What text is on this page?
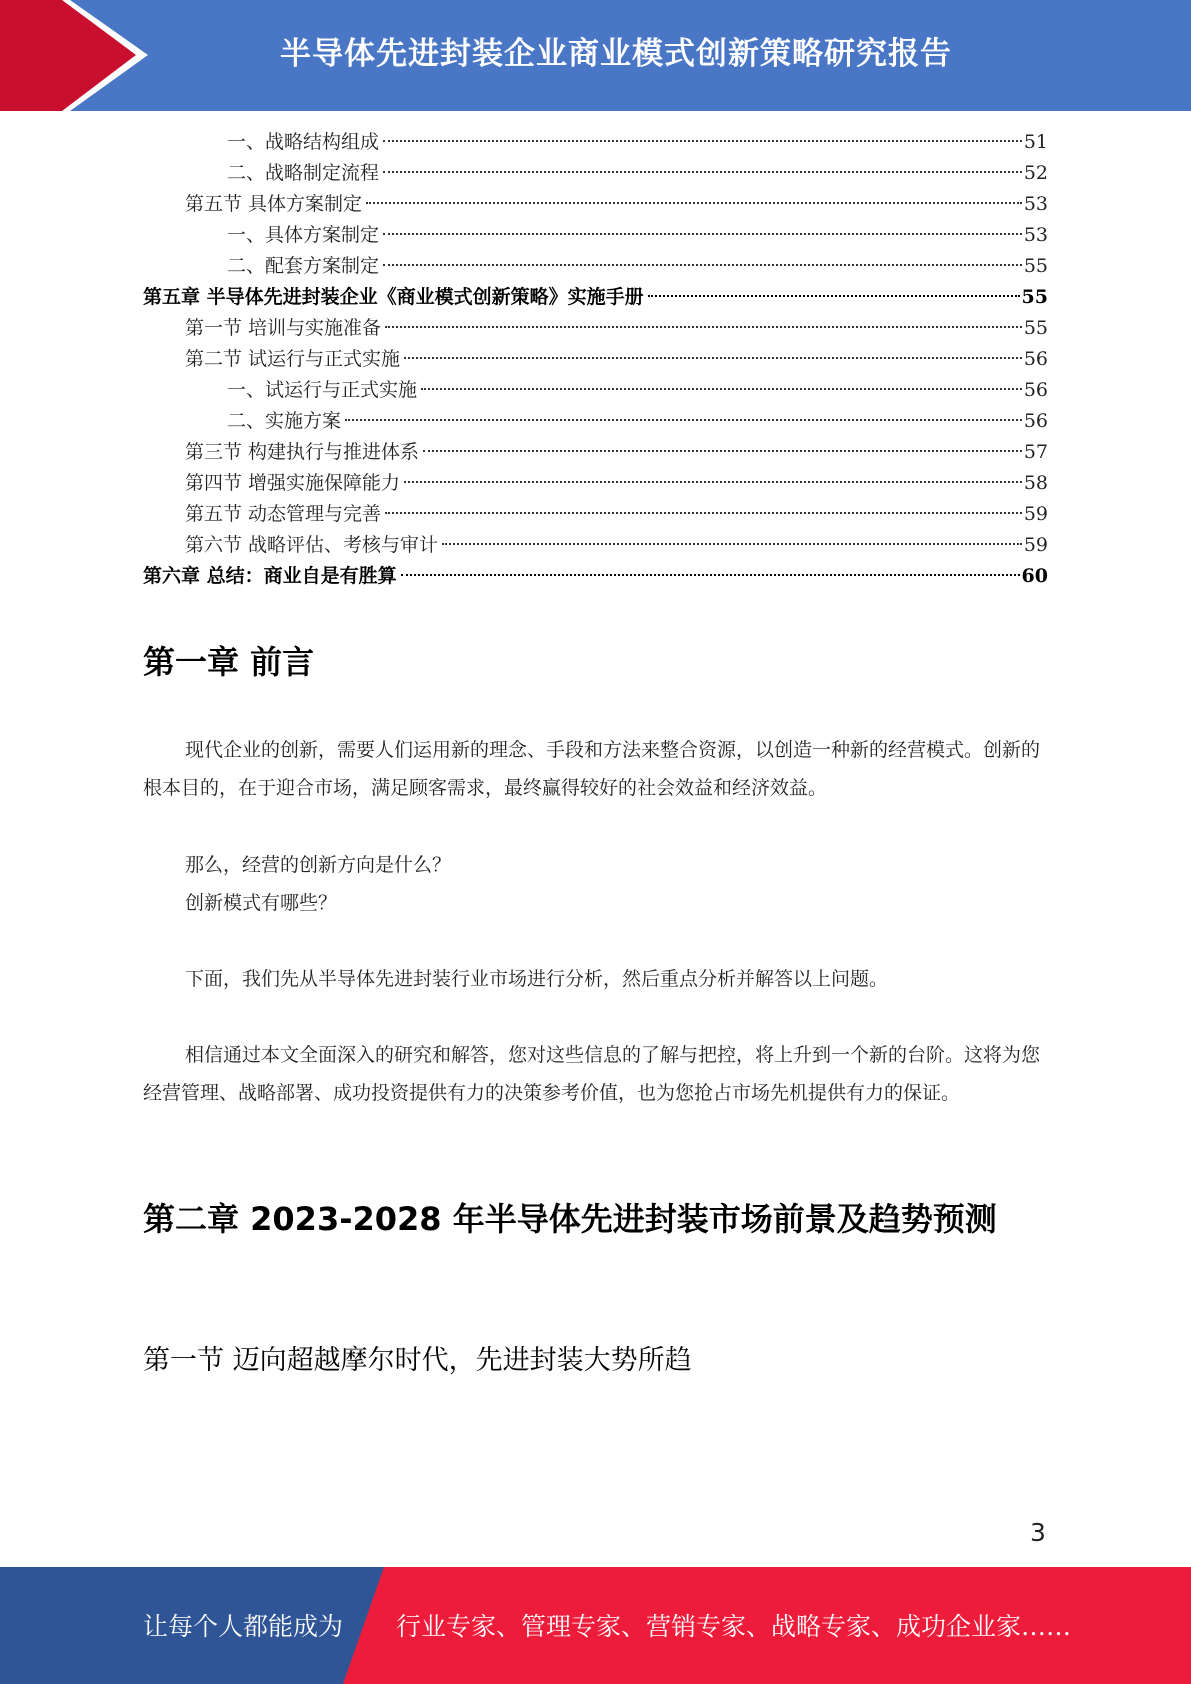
半导体先进封装企业商业模式创新策略研究报告
一、战略结构组成	51
二、战略制定流程	52
第五节 具体方案制定	53
一、具体方案制定	53
二、配套方案制定	55
第五章 半导体先进封装企业《商业模式创新策略》实施手册	55
第一节 培训与实施准备	55
第二节 试运行与正式实施	56
一、试运行与正式实施	56
二、实施方案	56
第三节 构建执行与推进体系	57
第四节 增强实施保障能力	58
第五节 动态管理与完善	59
第六节 战略评估、考核与审计	59
第六章 总结：商业自是有胜算	60
第一章 前言

现代企业的创新，需要人们运用新的理念、手段和方法来整合资源，以创造一种新的经营模式。创新的根本目的，在于迎合市场，满足顾客需求，最终赢得较好的社会效益和经济效益。

那么，经营的创新方向是什么？
创新模式有哪些？

下面，我们先从半导体先进封装行业市场进行分析，然后重点分析并解答以上问题。

相信通过本文全面深入的研究和解答，您对这些信息的了解与把控，将上升到一个新的台阶。这将为您经营管理、战略部署、成功投资提供有力的决策参考价值，也为您抢占市场先机提供有力的保证。

第二章 2023-2028 年半导体先进封装市场前景及趋势预测
第一节 迈向超越摩尔时代，先进封装大势所趋
3
让每个人都能成为 行业专家、管理专家、营销专家、战略专家、成功企业家……
